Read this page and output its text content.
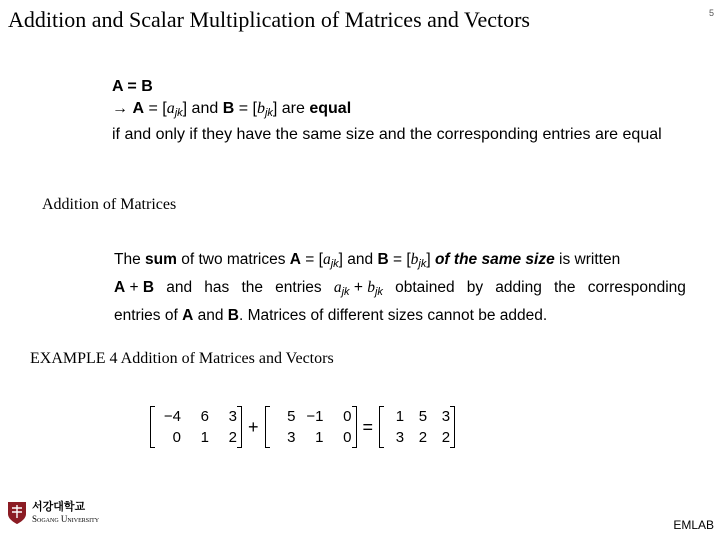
Addition and Scalar Multiplication of Matrices and Vectors	5
A = B
→ $A = [a_{jk}]$ and $B = [b_{jk}]$ are equal
if and only if they have the same size and the corresponding entries are equal
Addition of Matrices
The sum of two matrices $A = [a_{jk}]$ and $B = [b_{jk}]$ of the same size is written
A + B and has the entries $a_{jk} + b_{jk}$ obtained by adding the corresponding
entries of A and B. Matrices of different sizes cannot be added.
EXAMPLE 4 Addition of Matrices and Vectors
−4	6	3
0	1	2
+	5 −1	0
3	1	0
=	1 5 3
3 2 2
서강대학교
Sogang University	EMLAB
